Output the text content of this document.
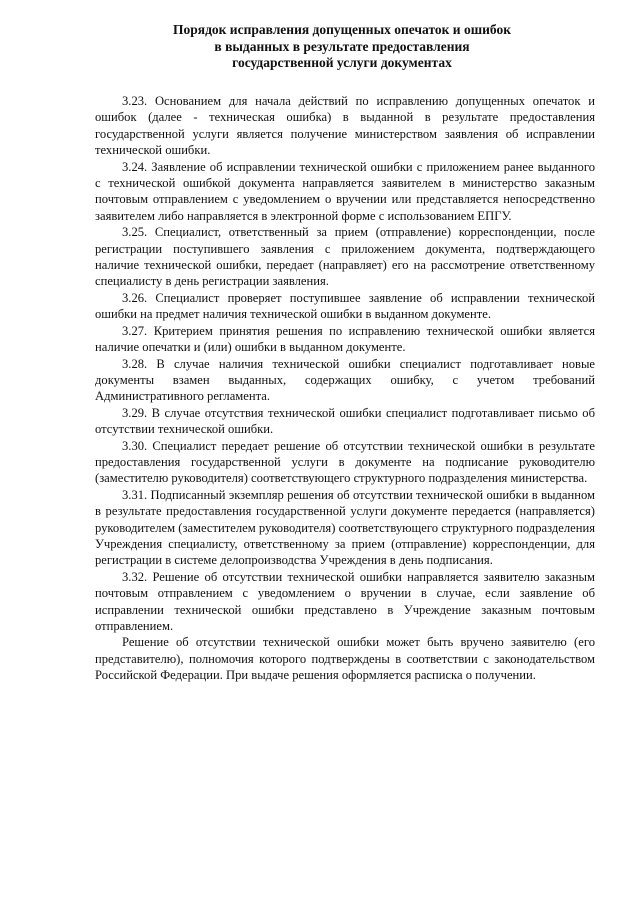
Порядок исправления допущенных опечаток и ошибок
в выданных в результате предоставления
государственной услуги документах

3.23. Основанием для начала действий по исправлению допущенных опечаток и ошибок (далее - техническая ошибка) в выданной в результате предоставления государственной услуги является получение министерством заявления об исправлении технической ошибки.

3.24. Заявление об исправлении технической ошибки с приложением ранее выданного с технической ошибкой документа направляется заявителем в министерство заказным почтовым отправлением с уведомлением о вручении или представляется непосредственно заявителем либо направляется в электронной форме с использованием ЕПГУ.

3.25. Специалист, ответственный за прием (отправление) корреспонденции, после регистрации поступившего заявления с приложением документа, подтверждающего наличие технической ошибки, передает (направляет) его на рассмотрение ответственному специалисту в день регистрации заявления.

3.26. Специалист проверяет поступившее заявление об исправлении технической ошибки на предмет наличия технической ошибки в выданном документе.

3.27. Критерием принятия решения по исправлению технической ошибки является наличие опечатки и (или) ошибки в выданном документе.

3.28. В случае наличия технической ошибки специалист подготавливает новые документы взамен выданных, содержащих ошибку, с учетом требований Административного регламента.

3.29. В случае отсутствия технической ошибки специалист подготавливает письмо об отсутствии технической ошибки.

3.30. Специалист передает решение об отсутствии технической ошибки в результате предоставления государственной услуги в документе на подписание руководителю (заместителю руководителя) соответствующего структурного подразделения министерства.

3.31. Подписанный экземпляр решения об отсутствии технической ошибки в выданном в результате предоставления государственной услуги документе передается (направляется) руководителем (заместителем руководителя) соответствующего структурного подразделения Учреждения специалисту, ответственному за прием (отправление) корреспонденции, для регистрации в системе делопроизводства Учреждения в день подписания.

3.32. Решение об отсутствии технической ошибки направляется заявителю заказным почтовым отправлением с уведомлением о вручении в случае, если заявление об исправлении технической ошибки представлено в Учреждение заказным почтовым отправлением.

Решение об отсутствии технической ошибки может быть вручено заявителю (его представителю), полномочия которого подтверждены в соответствии с законодательством Российской Федерации. При выдаче решения оформляется расписка о получении.
